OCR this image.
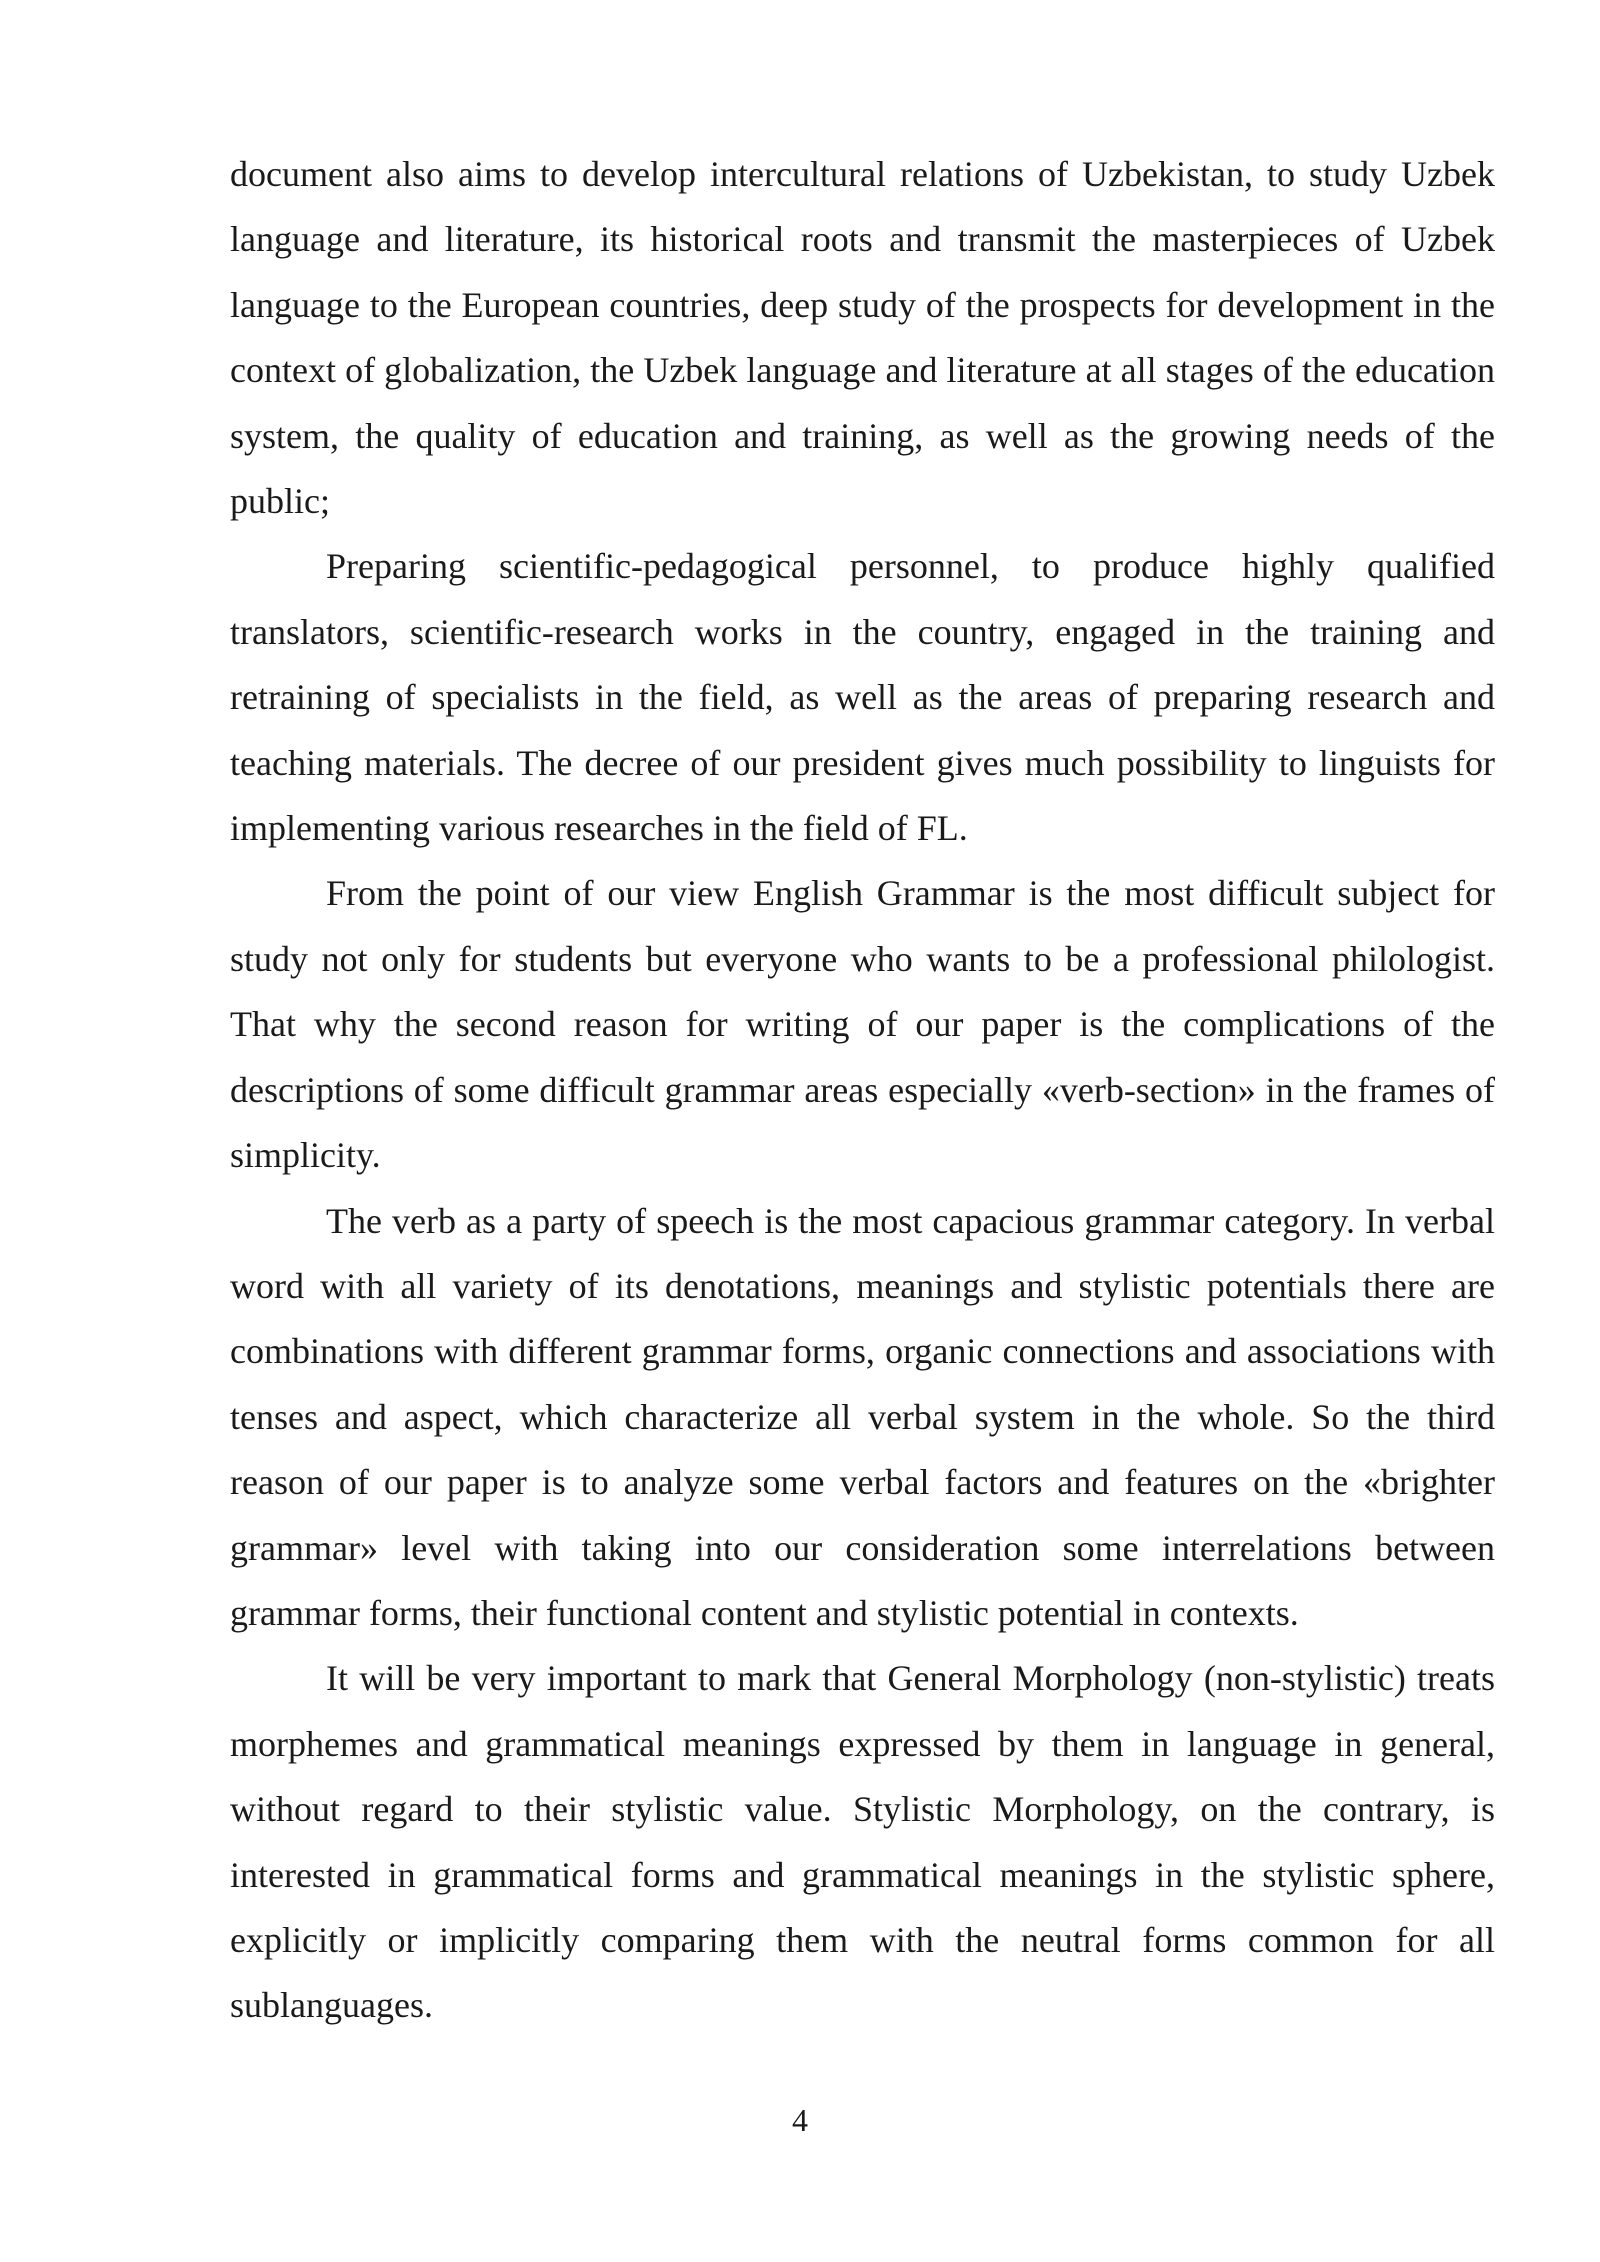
document also aims to develop intercultural relations of Uzbekistan, to study Uzbek language and literature, its historical roots and transmit the masterpieces of Uzbek language to the European countries, deep study of the prospects for development in the context of globalization, the Uzbek language and literature at all stages of the education system, the quality of education and training, as well as the growing needs of the public;

Preparing scientific-pedagogical personnel, to produce highly qualified translators, scientific-research works in the country, engaged in the training and retraining of specialists in the field, as well as the areas of preparing research and teaching materials. The decree of our president gives much possibility to linguists for implementing various researches in the field of FL.

From the point of our view English Grammar is the most difficult subject for study not only for students but everyone who wants to be a professional philologist. That why the second reason for writing of our paper is the complications of the descriptions of some difficult grammar areas especially «verb-section» in the frames of simplicity.

The verb as a party of speech is the most capacious grammar category. In verbal word with all variety of its denotations, meanings and stylistic potentials there are combinations with different grammar forms, organic connections and associations with tenses and aspect, which characterize all verbal system in the whole. So the third reason of our paper is to analyze some verbal factors and features on the «brighter grammar» level with taking into our consideration some interrelations between grammar forms, their functional content and stylistic potential in contexts.

It will be very important to mark that General Morphology (non-stylistic) treats morphemes and grammatical meanings expressed by them in language in general, without regard to their stylistic value. Stylistic Morphology, on the contrary, is interested in grammatical forms and grammatical meanings in the stylistic sphere, explicitly or implicitly comparing them with the neutral forms common for all sublanguages.

4
